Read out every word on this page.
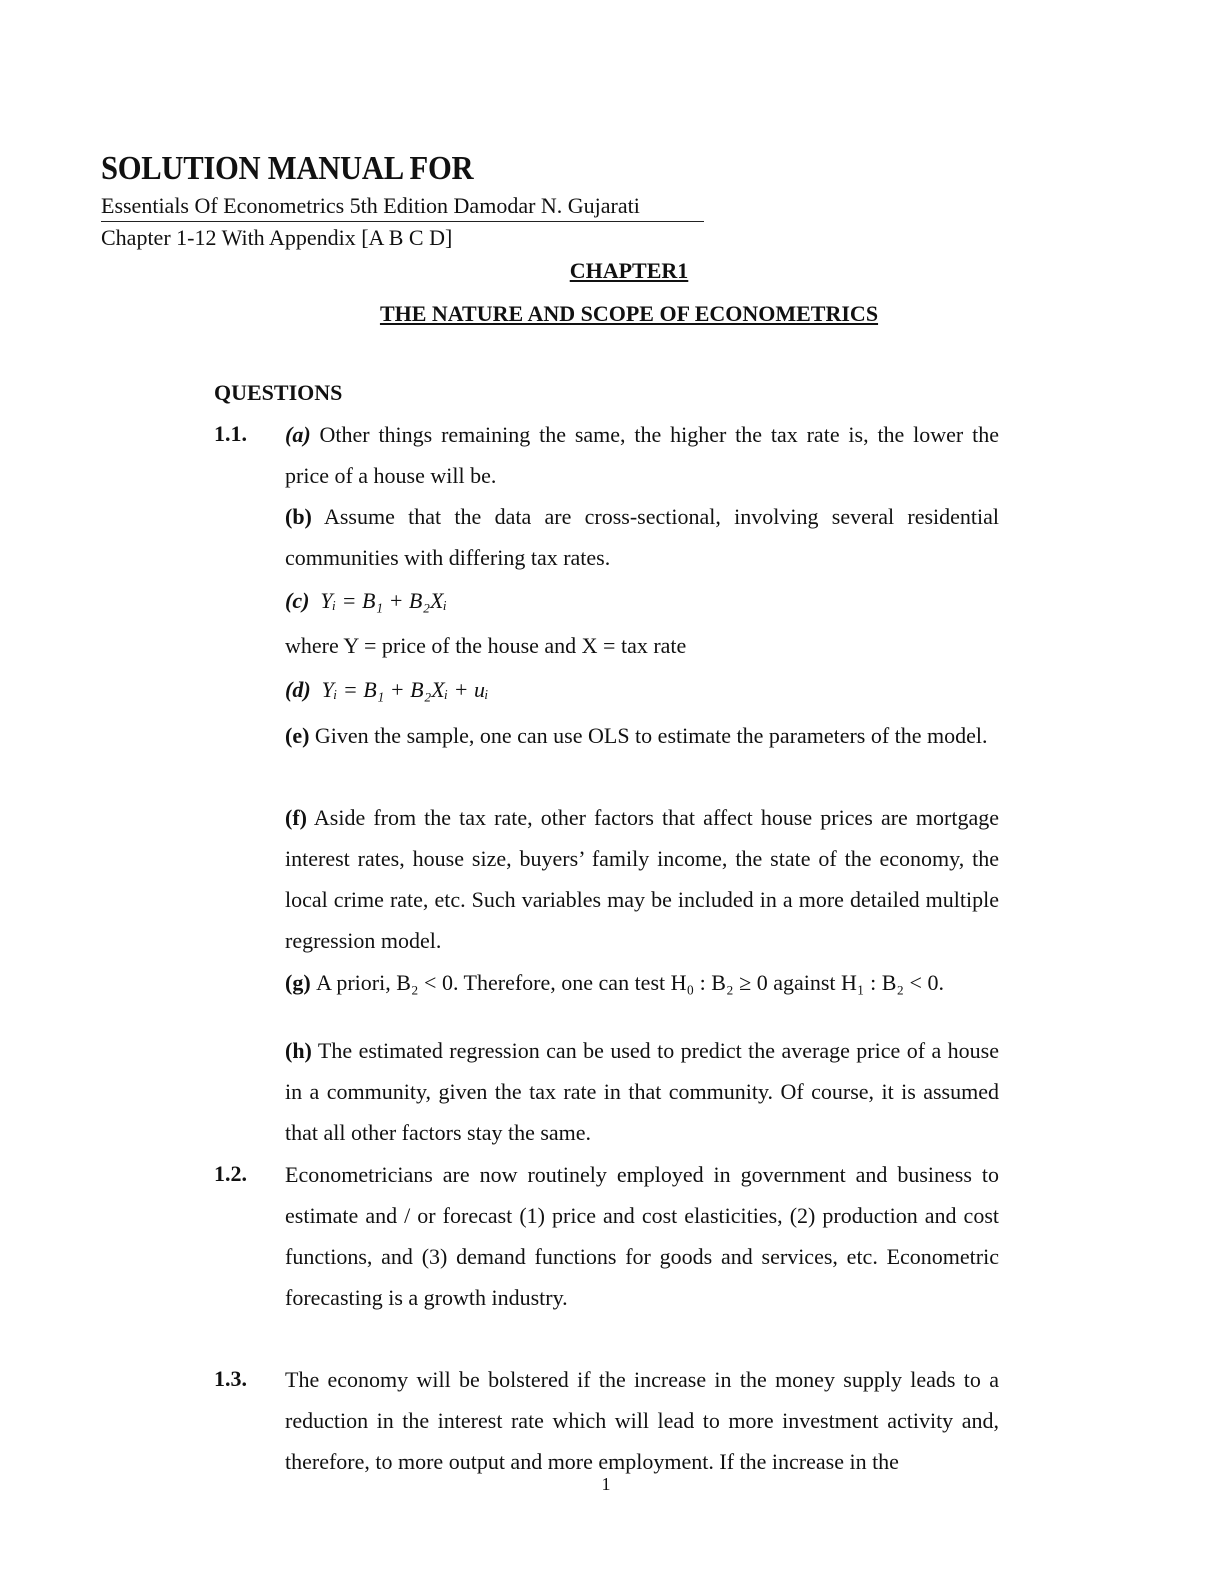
SOLUTION MANUAL FOR
Essentials Of Econometrics 5th Edition Damodar N. Gujarati
Chapter 1-12 With Appendix [A B C D]
CHAPTER1
THE NATURE AND SCOPE OF ECONOMETRICS
QUESTIONS
1.1. (a) Other things remaining the same, the higher the tax rate is, the lower the price of a house will be.
(b) Assume that the data are cross-sectional, involving several residential communities with differing tax rates.
(c) Yᵢ = B₁ + B₂Xᵢ
where Y = price of the house and X = tax rate
(d) Yᵢ = B₁ + B₂Xᵢ + uᵢ
(e) Given the sample, one can use OLS to estimate the parameters of the model.
(f) Aside from the tax rate, other factors that affect house prices are mortgage interest rates, house size, buyers’ family income, the state of the economy, the local crime rate, etc. Such variables may be included in a more detailed multiple regression model.
(g) A priori, B₂ < 0. Therefore, one can test H₀ : B₂ ≥ 0 against H₁ : B₂ < 0.
(h) The estimated regression can be used to predict the average price of a house in a community, given the tax rate in that community. Of course, it is assumed that all other factors stay the same.
1.2. Econometricians are now routinely employed in government and business to estimate and / or forecast (1) price and cost elasticities, (2) production and cost functions, and (3) demand functions for goods and services, etc. Econometric forecasting is a growth industry.
1.3. The economy will be bolstered if the increase in the money supply leads to a reduction in the interest rate which will lead to more investment activity and, therefore, to more output and more employment. If the increase in the
1
